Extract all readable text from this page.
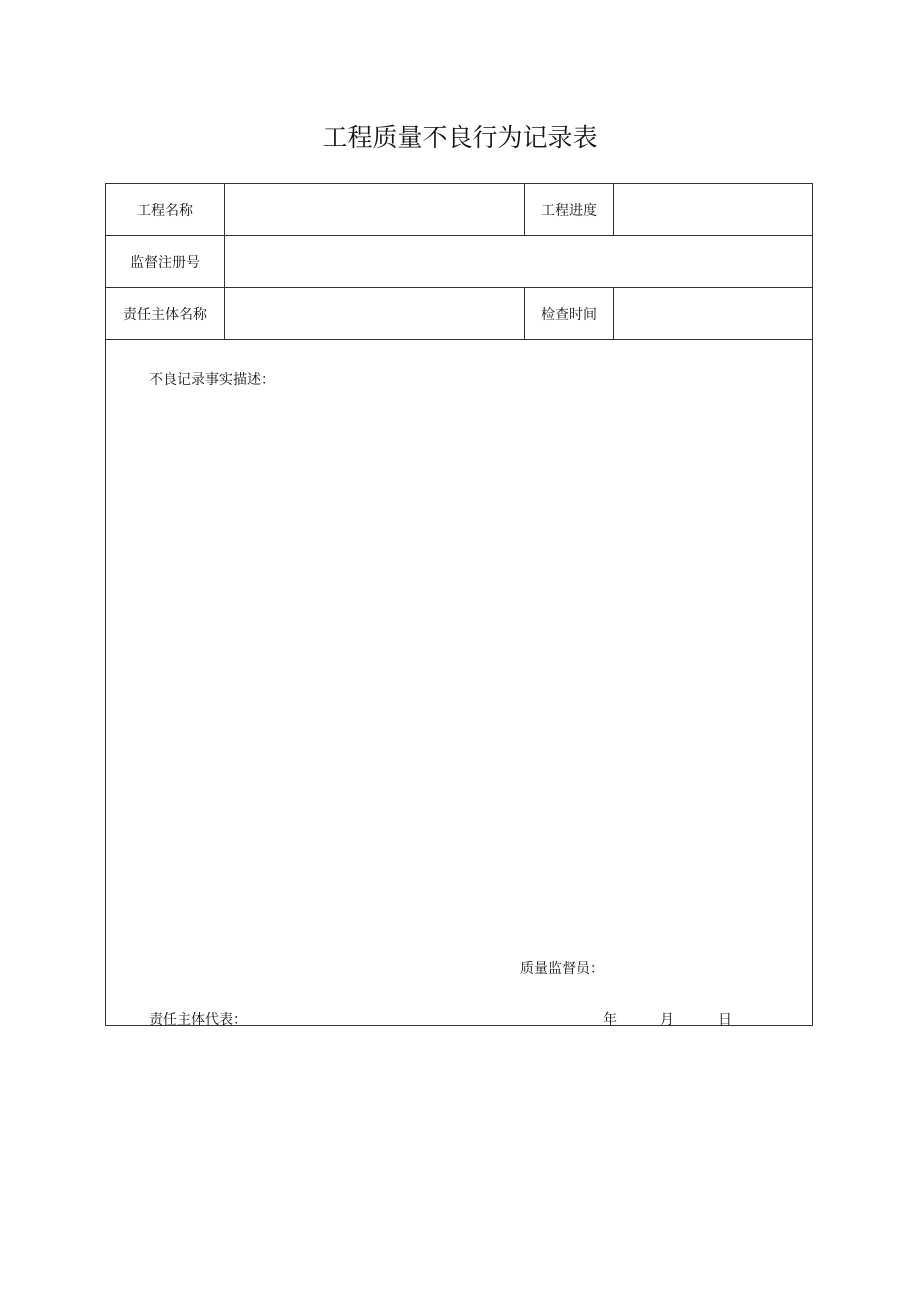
工程质量不良行为记录表
工程名称	工程进度
监督注册号
责任主体名称	检查时间
不良记录事实描述：
质量监督员：
责任主体代表：	年	月	日
